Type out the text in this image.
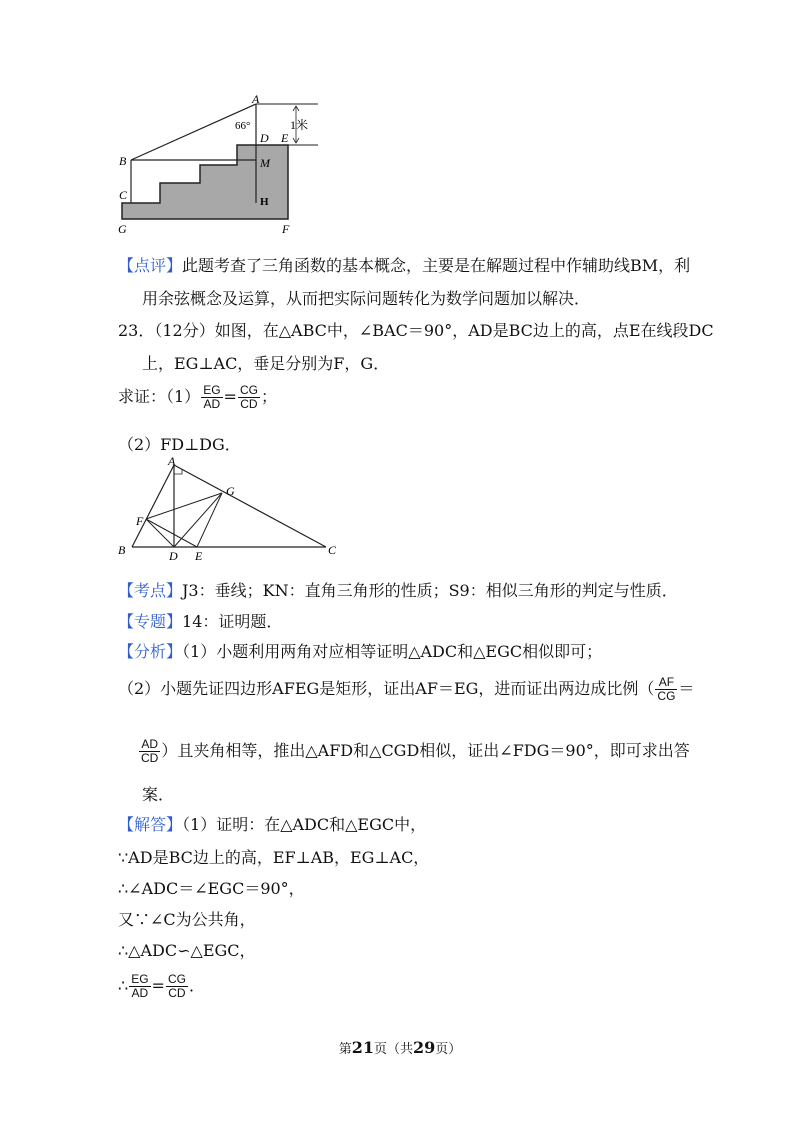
A
66°
D E
1米
B	M
C	H
G	F
【点评】此题考查了三角函数的基本概念，主要是在解题过程中作辅助线BM，利
用余弦概念及运算，从而把实际问题转化为数学问题加以解决．
23．（12分）如图，在△ABC中，∠BAC＝90°，AD是BC边上的高，点E在线段DC
上，EG⊥AC，垂足分别为F，G．
求证：$(1) \frac{EG}{AD} = \frac{CG}{CD}$ ；
（2）FD⊥DG．
A
G
F
B	D E	C
【考点】J3：垂线；KN：直角三角形的性质；S9：相似三角形的判定与性质．
【专题】14：证明题．
【分析】（1）小题利用两角对应相等证明△ADC和△EGC相似即可；
（2）小题先证四边形AFEG是矩形，证出AF＝EG，进而证出两边成比例（ $\frac{AF}{CG}$ ＝
$\frac{AD}{CD}$ ）且夹角相等，推出△AFD和△CGD相似，证出∠FDG＝90°，即可求出答
案．
【解答】（1）证明：在△ADC和△EGC中，
∵AD是BC边上的高，EF⊥AB，EG⊥AC，
∴∠ADC＝∠EGC＝90°，
又∵∠C为公共角，
∴△ADC∽△EGC，
∴ $\frac{EG}{AD} = \frac{CG}{CD}$ ．
第21页（共29页）
